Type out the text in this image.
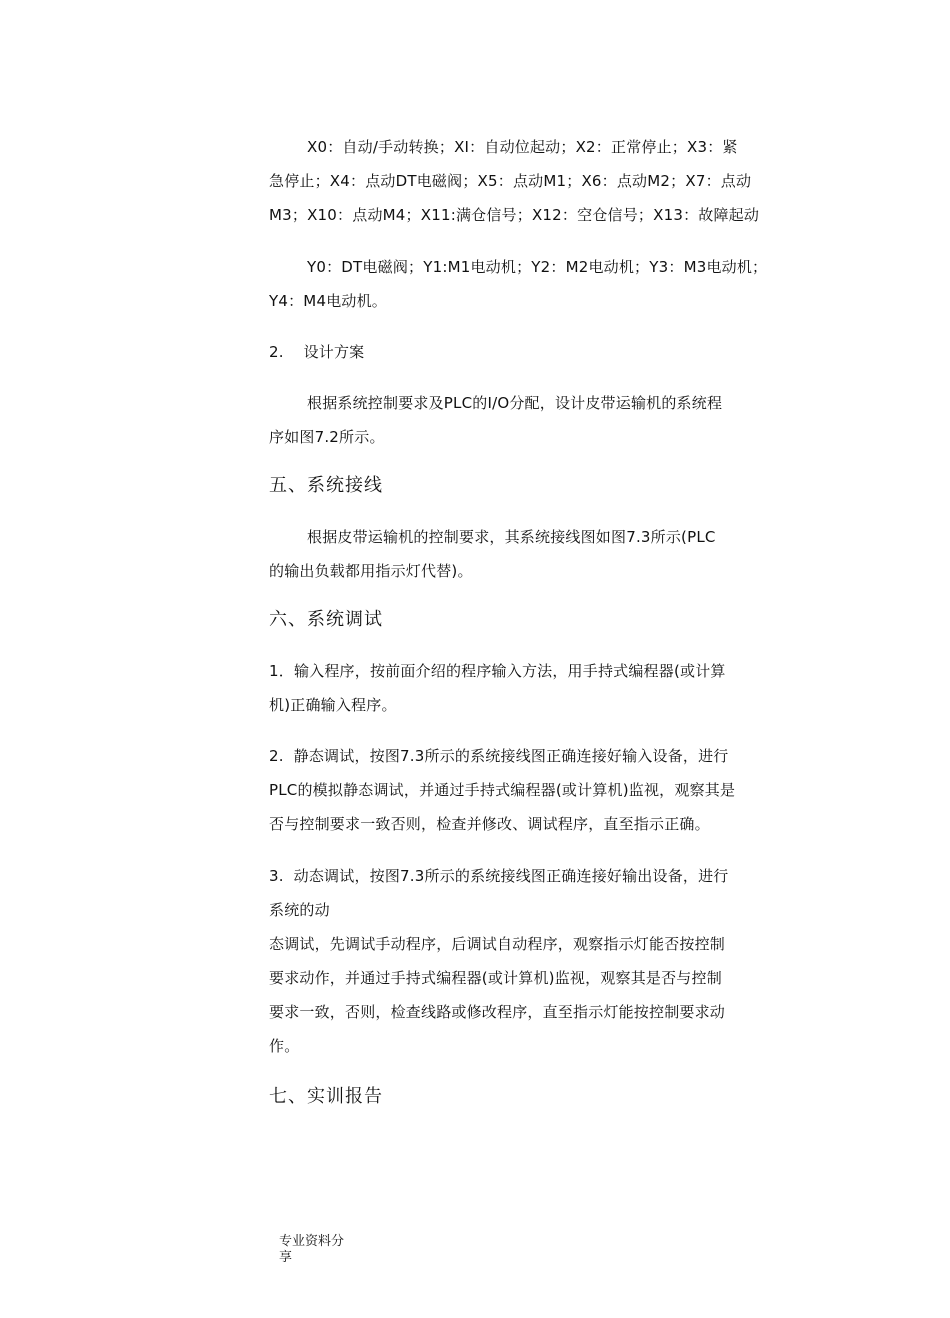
X0：自动/手动转换；XI：自动位起动；X2：正常停止；X3：紧
急停止；X4：点动DT电磁阀；X5：点动M1；X6：点动M2；X7：点动
M3；X10：点动M4；X11:满仓信号；X12：空仓信号；X13：故障起动
Y0：DT电磁阀；Y1:M1电动机；Y2：M2电动机；Y3：M3电动机；
Y4：M4电动机。
2.    设计方案
根据系统控制要求及PLC的I/O分配，设计皮带运输机的系统程
序如图7.2所示。
五、系统接线
根据皮带运输机的控制要求，其系统接线图如图7.3所示(PLC
的输出负载都用指示灯代替)。
六、系统调试
1．输入程序，按前面介绍的程序输入方法，用手持式编程器(或计算
机)正确输入程序。
2.  静态调试，按图7.3所示的系统接线图正确连接好输入设备，进行
PLC的模拟静态调试，并通过手持式编程器(或计算机)监视，观察其是
否与控制要求一致否则，检查并修改、调试程序，直至指示正确。
3.  动态调试，按图7.3所示的系统接线图正确连接好输出设备，进行
系统的动
态调试，先调试手动程序，后调试自动程序，观察指示灯能否按控制
要求动作，并通过手持式编程器(或计算机)监视，观察其是否与控制
要求一致，否则，检查线路或修改程序，直至指示灯能按控制要求动
作。
七、实训报告
专业资料分
享
